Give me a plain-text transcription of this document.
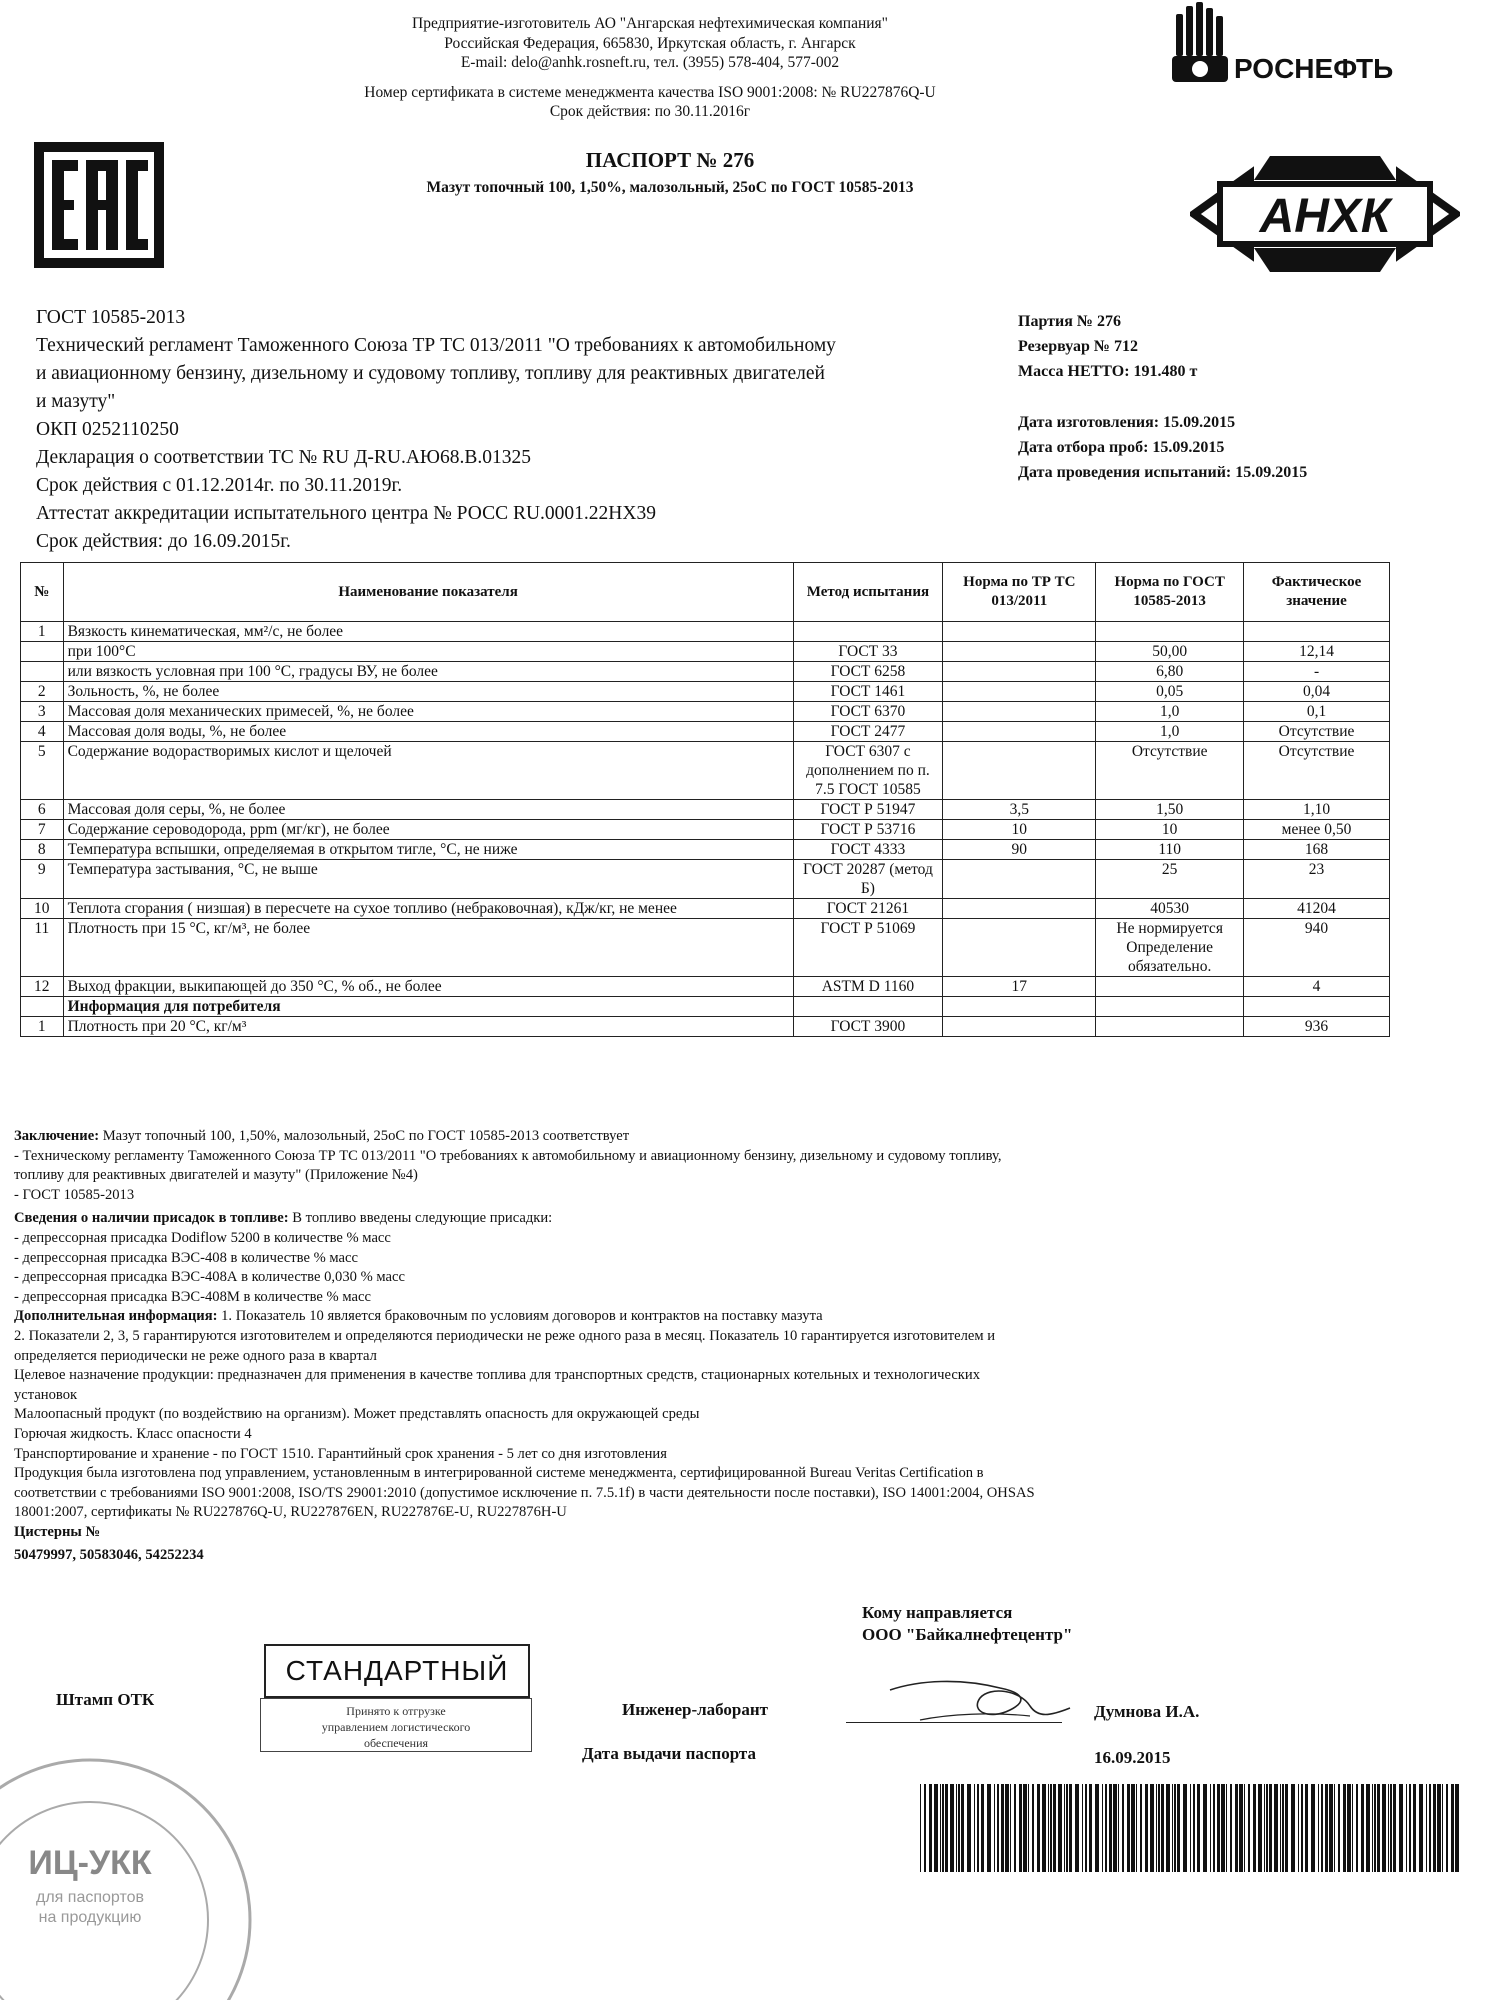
Предприятие-изготовитель АО "Ангарская нефтехимическая компания"
Российская Федерация, 665830, Иркутская область, г. Ангарск
E-mail: delo@anhk.rosneft.ru, тел. (3955) 578-404, 577-002
Номер сертификата в системе менеджмента качества ISO 9001:2008: № RU227876Q-U
Срок действия: по 30.11.2016г
РОСНЕФТЬ
ПАСПОРТ № 276
Мазут топочный 100, 1,50%, малозольный, 25оС по ГОСТ 10585-2013
АНХК
ГОСТ 10585-2013
Технический регламент Таможенного Союза ТР ТС 013/2011 "О требованиях к автомобильному
и авиационному бензину, дизельному и судовому топливу, топливу для реактивных двигателей
и мазуту"
ОКП 0252110250
Декларация о соответствии ТС № RU Д-RU.АЮ68.В.01325
Срок действия с 01.12.2014г. по 30.11.2019г.
Аттестат аккредитации испытательного центра № РОСС RU.0001.22НХ39
Срок действия: до 16.09.2015г.
Партия № 276
Резервуар № 712
Масса НЕТТО: 191.480 т
Дата изготовления: 15.09.2015
Дата отбора проб: 15.09.2015
Дата проведения испытаний: 15.09.2015
№	Наименование показателя	Метод испытания	Норма по ТР ТС 013/2011	Норма по ГОСТ 10585-2013	Фактическое значение
1	Вязкость кинематическая, мм²/с, не более				
	при 100°С	ГОСТ 33		50,00	12,14
	или вязкость условная при 100 °С, градусы ВУ, не более	ГОСТ 6258		6,80	-
2	Зольность, %, не более	ГОСТ 1461		0,05	0,04
3	Массовая доля механических примесей, %, не более	ГОСТ 6370		1,0	0,1
4	Массовая доля воды, %, не более	ГОСТ 2477		1,0	Отсутствие
5	Содержание водорастворимых кислот и щелочей	ГОСТ 6307 с дополнением по п. 7.5 ГОСТ 10585		Отсутствие	Отсутствие
6	Массовая доля серы, %, не более	ГОСТ Р 51947	3,5	1,50	1,10
7	Содержание сероводорода, ppm (мг/кг), не более	ГОСТ Р 53716	10	10	менее 0,50
8	Температура вспышки, определяемая в открытом тигле, °С, не ниже	ГОСТ 4333	90	110	168
9	Температура застывания, °С, не выше	ГОСТ 20287 (метод Б)		25	23
10	Теплота сгорания ( низшая) в пересчете на сухое топливо (небраковочная), кДж/кг, не менее	ГОСТ 21261		40530	41204
11	Плотность при 15 °С, кг/м³, не более	ГОСТ Р 51069		Не нормируется Определение обязательно.	940
12	Выход фракции, выкипающей до 350 °С, % об., не более	ASTM D 1160	17		4
	Информация для потребителя				
1	Плотность при 20 °С, кг/м³	ГОСТ 3900			936
Заключение: Мазут топочный 100, 1,50%, малозольный, 25оС по ГОСТ 10585-2013 соответствует
- Техническому регламенту Таможенного Союза ТР ТС 013/2011 "О требованиях к автомобильному и авиационному бензину, дизельному и судовому топливу,
топливу для реактивных двигателей и мазуту" (Приложение №4)
- ГОСТ 10585-2013
Сведения о наличии присадок в топливе: В топливо введены следующие присадки:
- депрессорная присадка Dodiflow 5200 в количестве % масс
- депрессорная присадка ВЭС-408 в количестве % масс
- депрессорная присадка ВЭС-408А в количестве 0,030 % масс
- депрессорная присадка ВЭС-408М в количестве % масс
Дополнительная информация: 1. Показатель 10 является браковочным по условиям договоров и контрактов на поставку мазута
2. Показатели 2, 3, 5 гарантируются изготовителем и определяются периодически не реже одного раза в месяц. Показатель 10 гарантируется изготовителем и
определяется периодически не реже одного раза в квартал
Целевое назначение продукции: предназначен для применения в качестве топлива для транспортных средств, стационарных котельных и технологических
установок
Малоопасный продукт (по воздействию на организм). Может представлять опасность для окружающей среды
Горючая жидкость. Класс опасности 4
Транспортирование и хранение - по ГОСТ 1510. Гарантийный срок хранения - 5 лет со дня изготовления
Продукция была изготовлена под управлением, установленным в интегрированной системе менеджмента, сертифицированной Bureau Veritas Certification в
соответствии с требованиями ISO 9001:2008, ISO/TS 29001:2010 (допустимое исключение п. 7.5.1f) в части деятельности после поставки), ISO 14001:2004, OHSAS
18001:2007, сертификаты № RU227876Q-U, RU227876EN, RU227876E-U, RU227876H-U
Цистерны №
50479997, 50583046, 54252234
Кому направляется
ООО "Байкалнефтецентр"
Штамп ОТК
Инженер-лаборант	Думнова И.А.
Дата выдачи паспорта	16.09.2015
СТАНДАРТНЫЙ
Принято к отгрузке
управлением логистического
обеспечения
ИЦ-УКК
для паспортов
на продукцию
